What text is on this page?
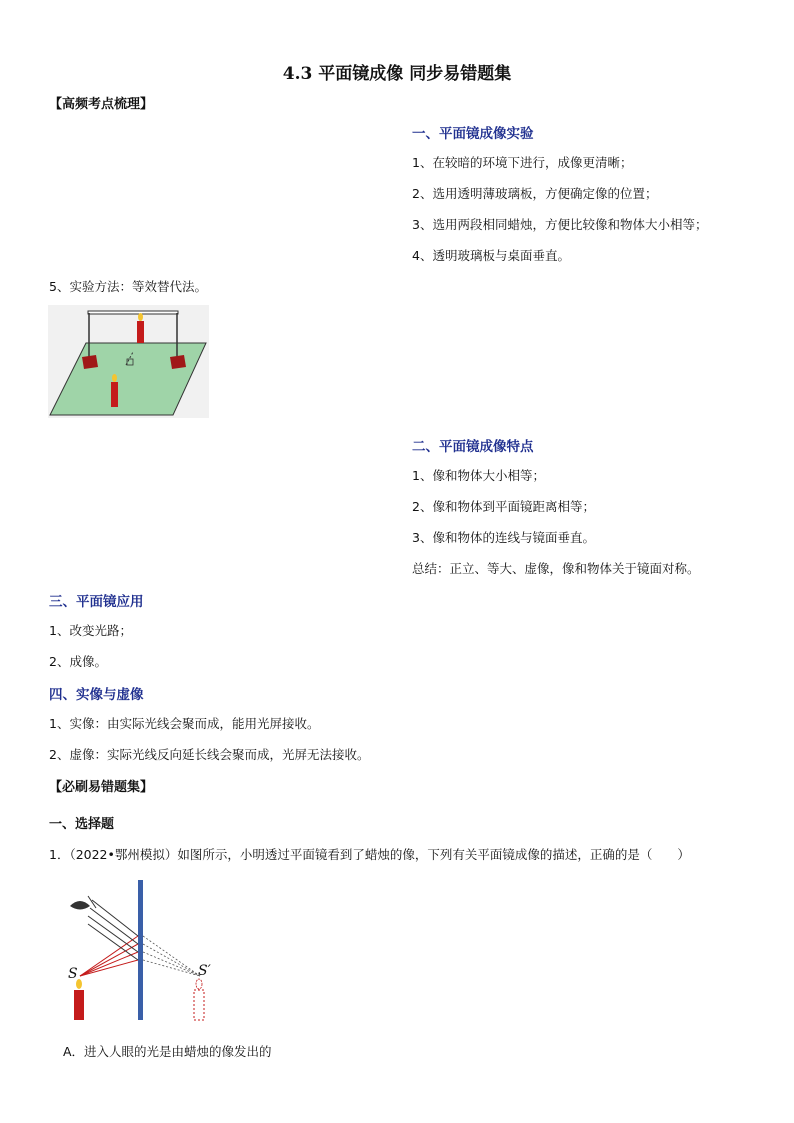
4.3 平面镜成像 同步易错题集
【高频考点梳理】
一、平面镜成像实验
1、在较暗的环境下进行，成像更清晰；
2、选用透明薄玻璃板，方便确定像的位置；
3、选用两段相同蜡烛，方便比较像和物体大小相等；
4、透明玻璃板与桌面垂直。
5、实验方法：等效替代法。
二、平面镜成像特点
1、像和物体大小相等；
2、像和物体到平面镜距离相等；
3、像和物体的连线与镜面垂直。
总结：正立、等大、虚像，像和物体关于镜面对称。
三、平面镜应用
1、改变光路；
2、成像。
四、实像与虚像
1、实像：由实际光线会聚而成，能用光屏接收。
2、虚像：实际光线反向延长线会聚而成，光屏无法接收。
【必刷易错题集】
一、选择题
1．（2022•鄂州模拟）如图所示，小明透过平面镜看到了蜡烛的像，下列有关平面镜成像的描述，正确的是（　　）
S	S′
A．进入人眼的光是由蜡烛的像发出的
